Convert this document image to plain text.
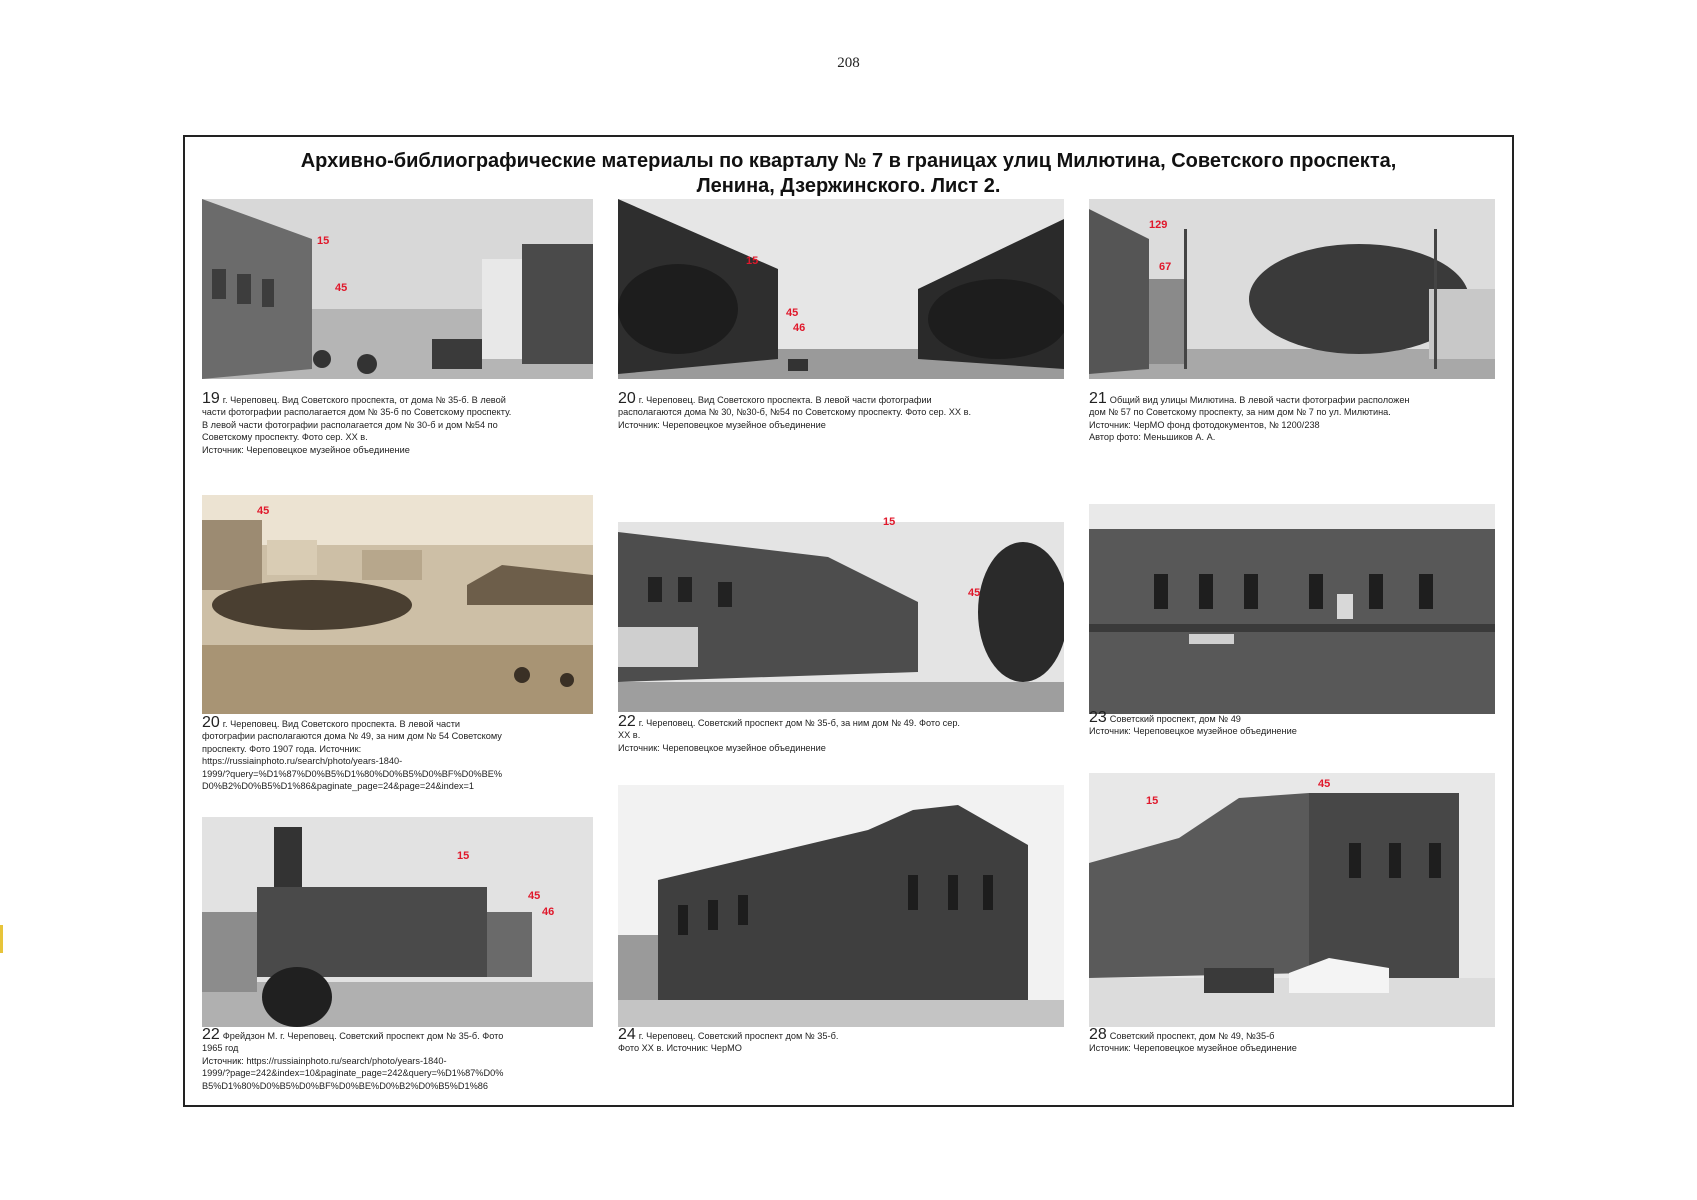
208
Архивно-библиографические материалы по кварталу № 7 в границах улиц Милютина, Советского проспекта,
Ленина, Дзержинского. Лист 2.
15
45
19 г. Череповец. Вид Советского проспекта, от дома № 35-б. В левой
части фотографии располагается дом № 35-б по Советскому проспекту.
В левой части фотографии располагается дом № 30-б и дом №54 по
Советскому проспекту. Фото сер. XX в.
Источник: Череповецкое музейное объединение
15
45
46
20 г. Череповец. Вид Советского проспекта. В левой части фотографии
располагаются дома № 30, №30-б, №54 по Советскому проспекту. Фото сер. XX в.
Источник: Череповецкое музейное объединение
129
67
21 Общий вид улицы Милютина. В левой части фотографии расположен
дом № 57 по Советскому проспекту, за ним дом № 7 по ул. Милютина.
Источник: ЧерМО фонд фотодокументов, № 1200/238
Автор фото: Меньшиков А. А.
45
20 г. Череповец. Вид Советского проспекта. В левой части
фотографии располагаются дома № 49, за ним дом № 54 Советскому
проспекту. Фото 1907 года. Источник:
https://russiainphoto.ru/search/photo/years-1840-
1999/?query=%D1%87%D0%B5%D1%80%D0%B5%D0%BF%D0%BE%
D0%B2%D0%B5%D1%86&paginate_page=24&page=24&index=1
15
45
22 г. Череповец. Советский проспект дом № 35-б, за ним дом № 49. Фото сер.
XX в.
Источник: Череповецкое музейное объединение
23 Советский проспект, дом № 49
Источник: Череповецкое музейное объединение
15
45
46
22 Фрейдзон М. г. Череповец. Советский проспект дом № 35-б. Фото
1965 год
Источник: https://russiainphoto.ru/search/photo/years-1840-
1999/?page=242&index=10&paginate_page=242&query=%D1%87%D0%
B5%D1%80%D0%B5%D0%BF%D0%BE%D0%B2%D0%B5%D1%86
24 г. Череповец. Советский проспект дом № 35-б.
Фото XX в. Источник: ЧерМО
15
45
28 Советский проспект, дом № 49, №35-б
Источник: Череповецкое музейное объединение
